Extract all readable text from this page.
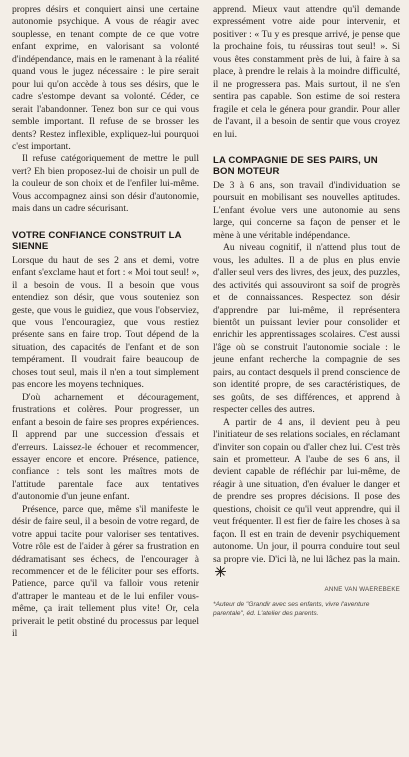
propres désirs et conquiert ainsi une certaine autonomie psychique. A vous de réagir avec souplesse, en tenant compte de ce que votre enfant exprime, en valorisant sa volonté d'indépendance, mais en le ramenant à la réalité quand vous le jugez nécessaire : le pire serait pour lui qu'on accède à tous ses désirs, que le cadre s'estompe devant sa volonté. Céder, ce serait l'abandonner. Tenez bon sur ce qui vous semble important. Il refuse de se brosser les dents? Restez inflexible, expliquez-lui pourquoi c'est important.

Il refuse catégoriquement de mettre le pull vert? Eh bien proposez-lui de choisir un pull de la couleur de son choix et de l'enfiler lui-même. Vous accompagnez ainsi son désir d'autonomie, mais dans un cadre sécurisant.

VOTRE CONFIANCE CONSTRUIT LA SIENNE

Lorsque du haut de ses 2 ans et demi, votre enfant s'exclame haut et fort : « Moi tout seul! », il a besoin de vous. Il a besoin que vous entendiez son désir, que vous souteniez son geste, que vous le guidiez, que vous l'observiez, que vous l'encouragiez, que vous restiez présente sans en faire trop. Tout dépend de la situation, des capacités de l'enfant et de son tempérament. Il voudrait faire beaucoup de choses tout seul, mais il n'en a tout simplement pas encore les moyens techniques.

D'où acharnement et découragement, frustrations et colères. Pour progresser, un enfant a besoin de faire ses propres expériences. Il apprend par une succession d'essais et d'erreurs. Laissez-le échouer et recommencer, essayer encore et encore. Présence, patience, confiance : tels sont les maîtres mots de l'attitude parentale face aux tentatives d'autonomie d'un jeune enfant.

Présence, parce que, même s'il manifeste le désir de faire seul, il a besoin de votre regard, de votre appui tacite pour valoriser ses tentatives. Votre rôle est de l'aider à gérer sa frustration en dédramatisant ses échecs, de l'encourager à recommencer et de le féliciter pour ses efforts. Patience, parce qu'il va falloir vous retenir d'attraper le manteau et de le lui enfiler vous-même, ça irait tellement plus vite! Or, cela priverait le petit obstiné du processus par lequel il

apprend. Mieux vaut attendre qu'il demande expressément votre aide pour intervenir, et positiver : « Tu y es presque arrivé, je pense que la prochaine fois, tu réussiras tout seul! ». Si vous êtes constamment près de lui, à faire à sa place, à prendre le relais à la moindre difficulté, il ne progressera pas. Mais surtout, il ne s'en sentira pas capable. Son estime de soi restera fragile et cela le génera pour grandir. Pour aller de l'avant, il a besoin de sentir que vous croyez en lui.

LA COMPAGNIE DE SES PAIRS, UN BON MOTEUR

De 3 à 6 ans, son travail d'individuation se poursuit en mobilisant ses nouvelles aptitudes. L'enfant évolue vers une autonomie au sens large, qui concerne sa façon de penser et le mène à une véritable indépendance.

Au niveau cognitif, il n'attend plus tout de vous, les adultes. Il a de plus en plus envie d'aller seul vers des livres, des jeux, des puzzles, des activités qui assouviront sa soif de progrès et de connaissances. Respectez son désir d'apprendre par lui-même, il représentera bientôt un puissant levier pour consolider et enrichir les apprentissages scolaires. C'est aussi l'âge où se construit l'autonomie sociale : le jeune enfant recherche la compagnie de ses pairs, au contact desquels il prend conscience de son identité propre, de ses caractéristiques, de ses goûts, de ses différences, et apprend à respecter celles des autres.

A partir de 4 ans, il devient peu à peu l'initiateur de ses relations sociales, en réclamant d'inviter son copain ou d'aller chez lui. C'est très sain et prometteur. A l'aube de ses 6 ans, il devient capable de réfléchir par lui-même, de réagir à une situation, d'en évaluer le danger et de prendre ses propres décisions. Il pose des questions, choisit ce qu'il veut apprendre, qui il veut fréquenter. Il est fier de faire les choses à sa façon. Il est en train de devenir psychiquement autonome. Un jour, il pourra conduire tout seul sa propre vie. D'ici là, ne lui lâchez pas la main.

ANNE VAN WAEREBEKE
*Auteur de "Grandir avec ses enfants, vivre l'aventure parentale", éd. L'atelier des parents.
